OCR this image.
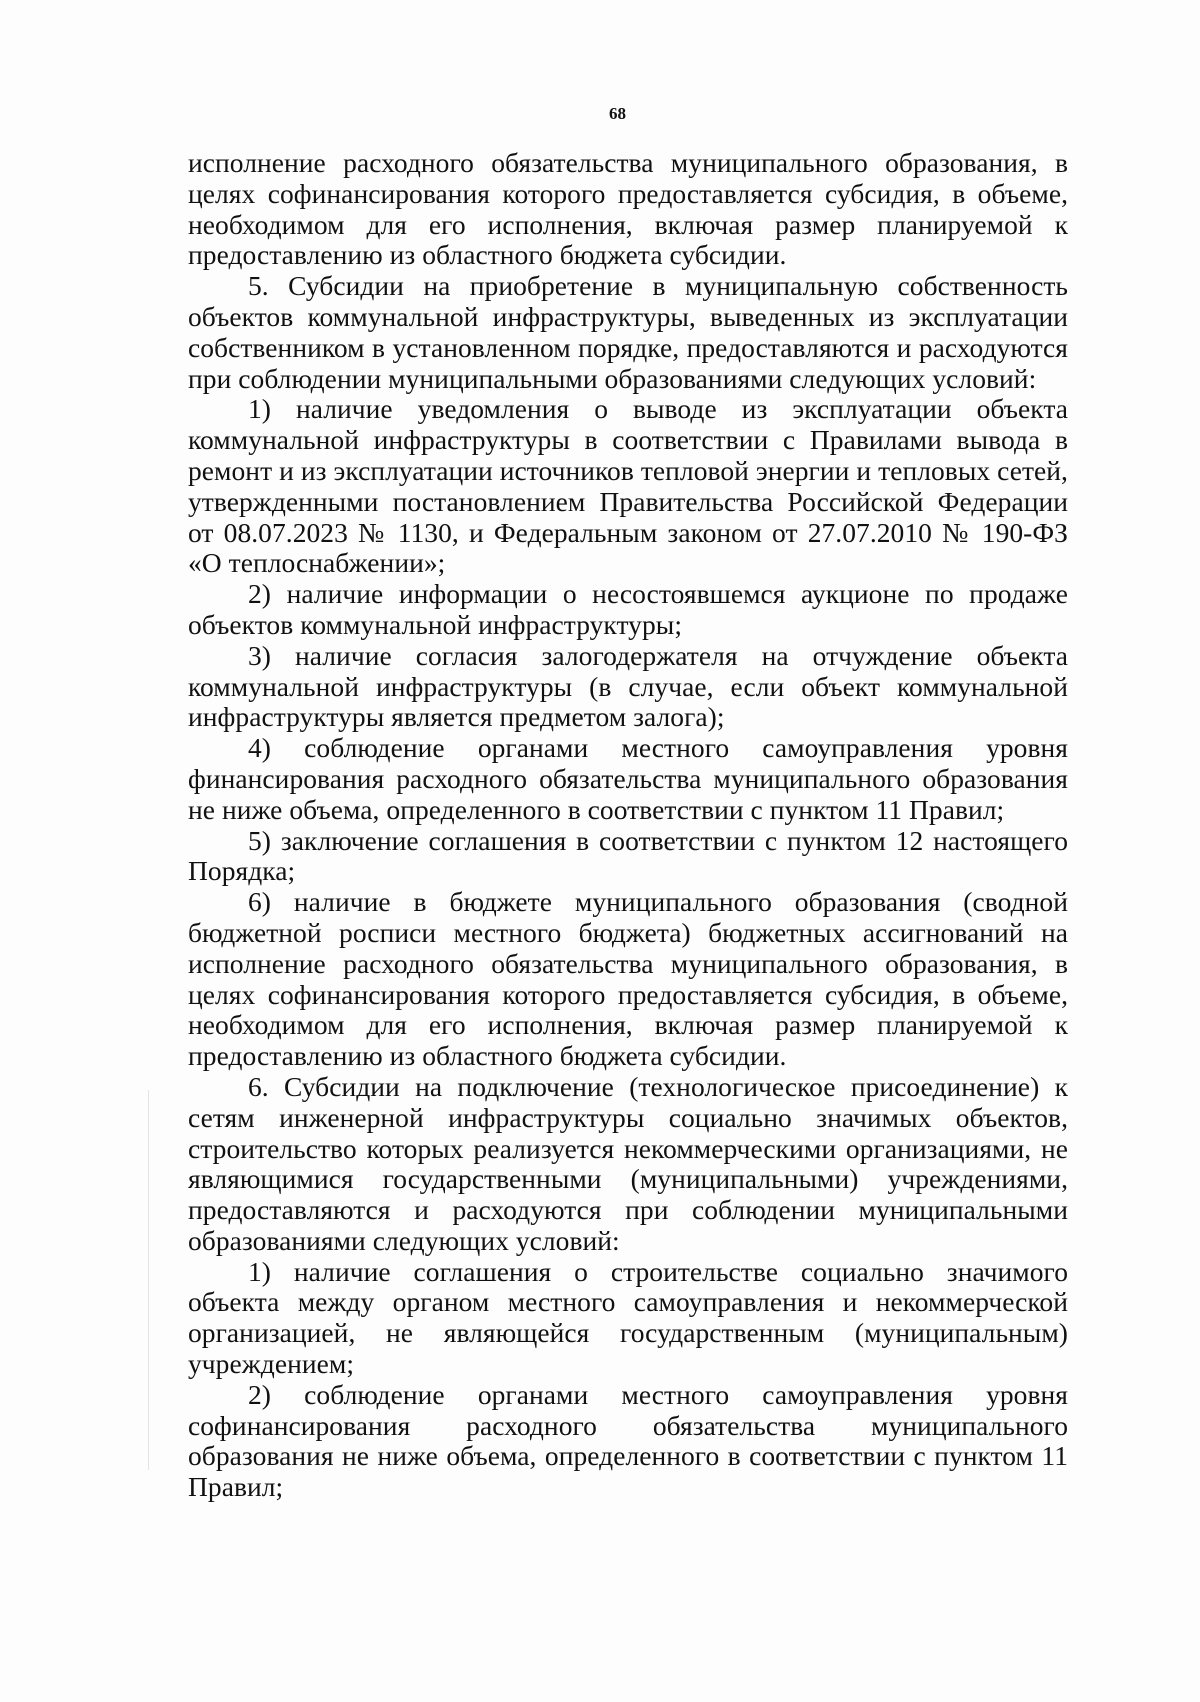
68

исполнение расходного обязательства муниципального образования, в целях софинансирования которого предоставляется субсидия, в объеме, необходимом для его исполнения, включая размер планируемой к предоставлению из областного бюджета субсидии.

5. Субсидии на приобретение в муниципальную собственность объектов коммунальной инфраструктуры, выведенных из эксплуатации собственником в установленном порядке, предоставляются и расходуются при соблюдении муниципальными образованиями следующих условий:

1) наличие уведомления о выводе из эксплуатации объекта коммунальной инфраструктуры в соответствии с Правилами вывода в ремонт и из эксплуатации источников тепловой энергии и тепловых сетей, утвержденными постановлением Правительства Российской Федерации от 08.07.2023 № 1130, и Федеральным законом от 27.07.2010 № 190-ФЗ «О теплоснабжении»;

2) наличие информации о несостоявшемся аукционе по продаже объектов коммунальной инфраструктуры;

3) наличие согласия залогодержателя на отчуждение объекта коммунальной инфраструктуры (в случае, если объект коммунальной инфраструктуры является предметом залога);

4) соблюдение органами местного самоуправления уровня финансирования расходного обязательства муниципального образования не ниже объема, определенного в соответствии с пунктом 11 Правил;

5) заключение соглашения в соответствии с пунктом 12 настоящего Порядка;

6) наличие в бюджете муниципального образования (сводной бюджетной росписи местного бюджета) бюджетных ассигнований на исполнение расходного обязательства муниципального образования, в целях софинансирования которого предоставляется субсидия, в объеме, необходимом для его исполнения, включая размер планируемой к предоставлению из областного бюджета субсидии.

6. Субсидии на подключение (технологическое присоединение) к сетям инженерной инфраструктуры социально значимых объектов, строительство которых реализуется некоммерческими организациями, не являющимися государственными (муниципальными) учреждениями, предоставляются и расходуются при соблюдении муниципальными образованиями следующих условий:

1) наличие соглашения о строительстве социально значимого объекта между органом местного самоуправления и некоммерческой организацией, не являющейся государственным (муниципальным) учреждением;

2) соблюдение органами местного самоуправления уровня софинансирования расходного обязательства муниципального образования не ниже объема, определенного в соответствии с пунктом 11 Правил;
